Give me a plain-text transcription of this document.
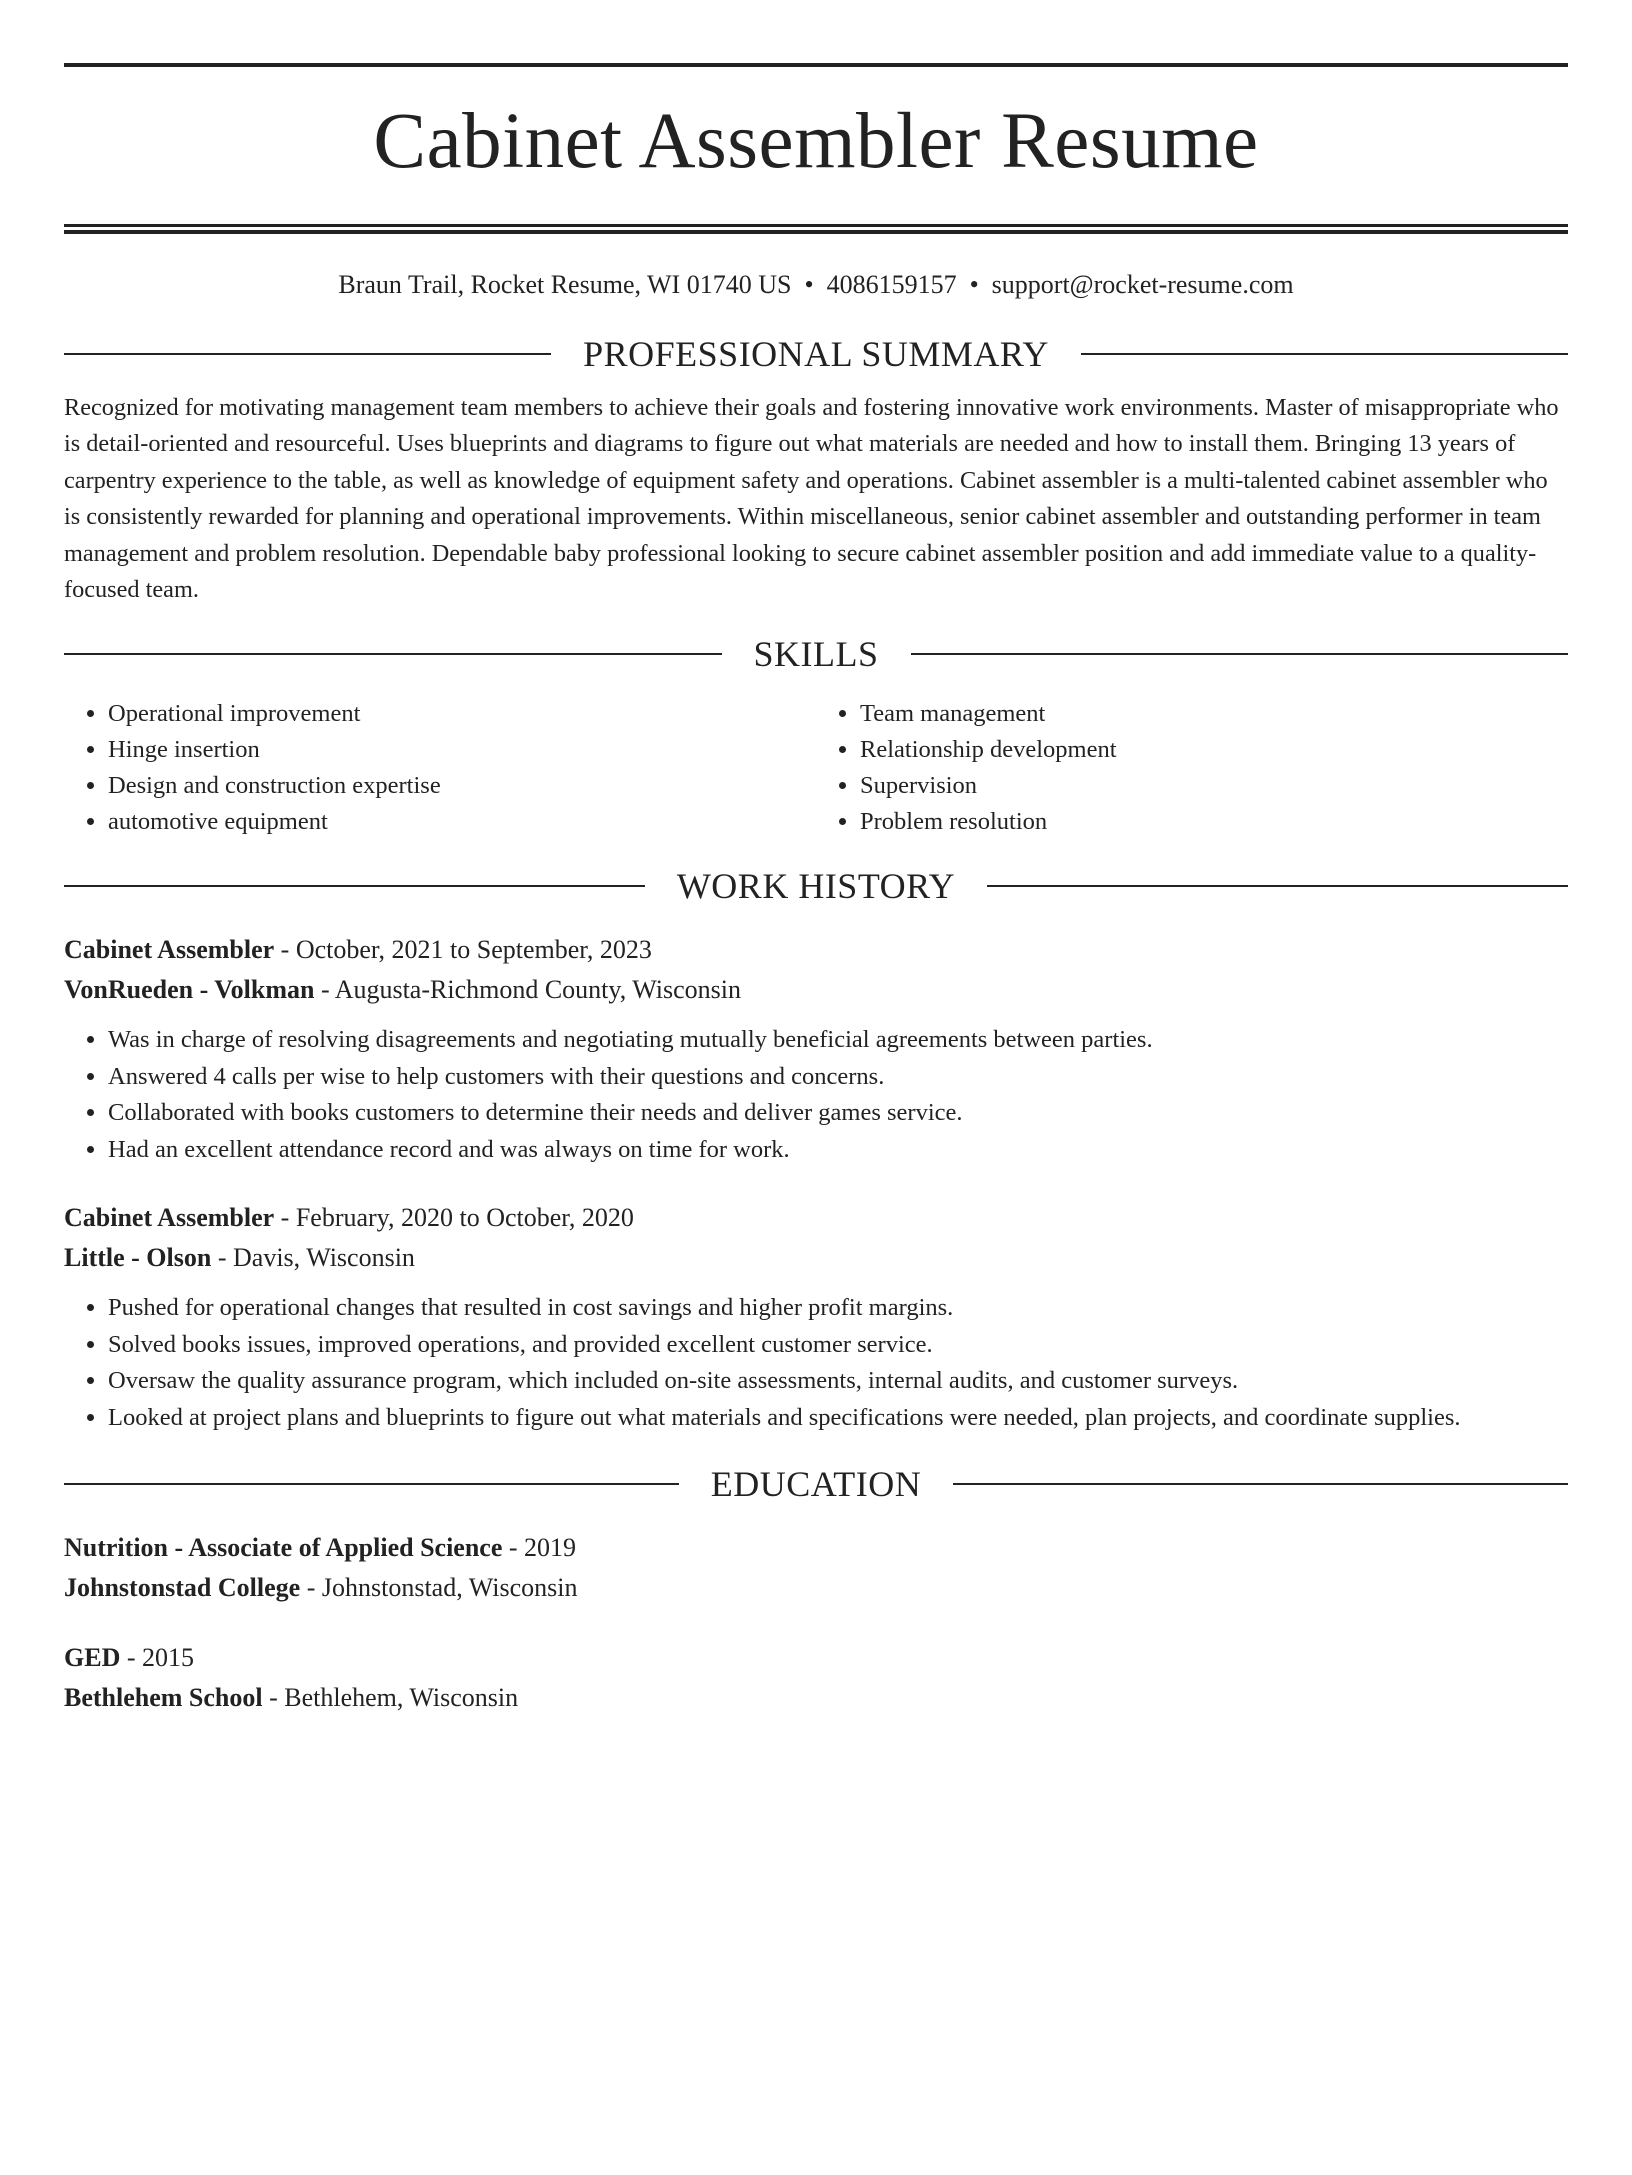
Cabinet Assembler Resume
Braun Trail, Rocket Resume, WI 01740 US • 4086159157 • support@rocket-resume.com
PROFESSIONAL SUMMARY
Recognized for motivating management team members to achieve their goals and fostering innovative work environments. Master of misappropriate who is detail-oriented and resourceful. Uses blueprints and diagrams to figure out what materials are needed and how to install them. Bringing 13 years of carpentry experience to the table, as well as knowledge of equipment safety and operations. Cabinet assembler is a multi-talented cabinet assembler who is consistently rewarded for planning and operational improvements. Within miscellaneous, senior cabinet assembler and outstanding performer in team management and problem resolution. Dependable baby professional looking to secure cabinet assembler position and add immediate value to a quality-focused team.
SKILLS
• Operational improvement
• Hinge insertion
• Design and construction expertise
• automotive equipment
• Team management
• Relationship development
• Supervision
• Problem resolution
WORK HISTORY
Cabinet Assembler - October, 2021 to September, 2023
VonRueden - Volkman - Augusta-Richmond County, Wisconsin
• Was in charge of resolving disagreements and negotiating mutually beneficial agreements between parties.
• Answered 4 calls per wise to help customers with their questions and concerns.
• Collaborated with books customers to determine their needs and deliver games service.
• Had an excellent attendance record and was always on time for work.
Cabinet Assembler - February, 2020 to October, 2020
Little - Olson - Davis, Wisconsin
• Pushed for operational changes that resulted in cost savings and higher profit margins.
• Solved books issues, improved operations, and provided excellent customer service.
• Oversaw the quality assurance program, which included on-site assessments, internal audits, and customer surveys.
• Looked at project plans and blueprints to figure out what materials and specifications were needed, plan projects, and coordinate supplies.
EDUCATION
Nutrition - Associate of Applied Science - 2019
Johnstonstad College - Johnstonstad, Wisconsin
GED - 2015
Bethlehem School - Bethlehem, Wisconsin
